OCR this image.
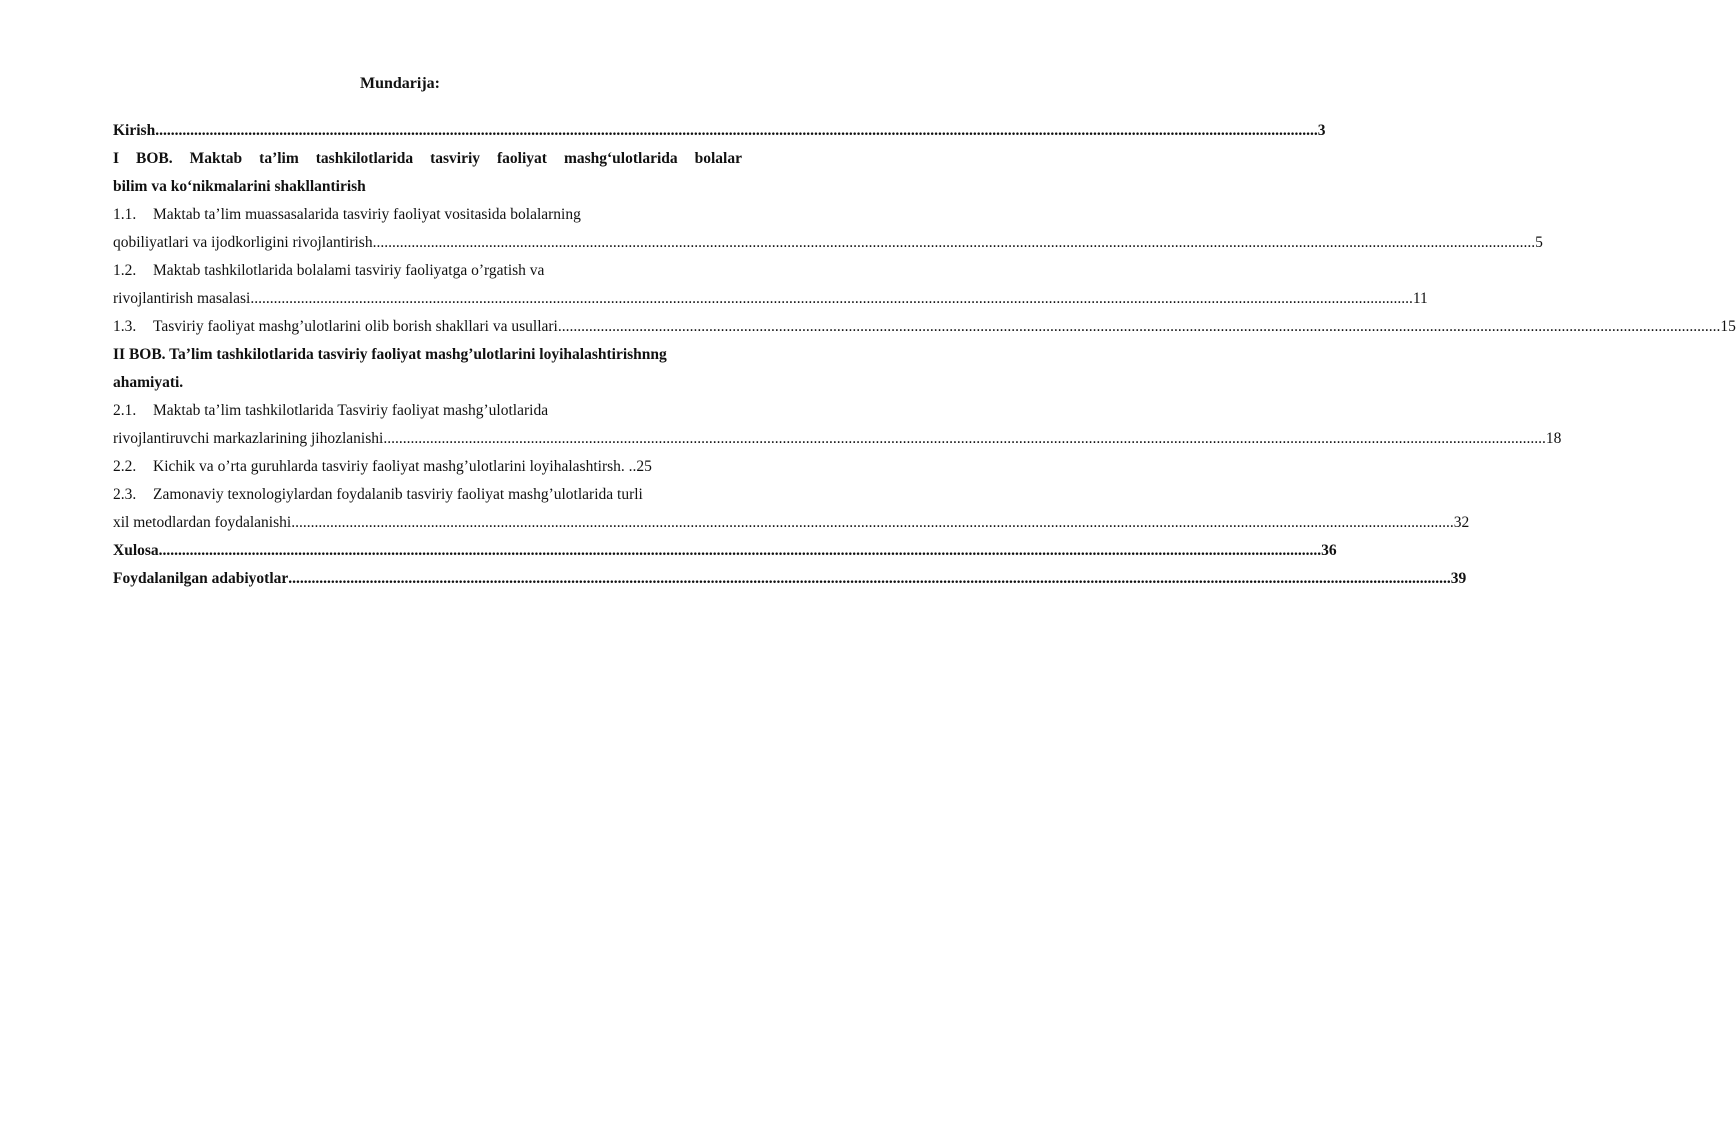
Mundarija:
Kirish .....	3
I BOB. Maktab ta’lim tashkilotlarida tasviriy faoliyat mashg‘ulotlarida bolalar
bilim va ko‘nikmalarini shakllantirish
1.1. Maktab ta’lim muassasalarida tasviriy faoliyat vositasida bolalarning
qobiliyatlari va ijodkorligini rivojlantirish .....	5
1.2. Maktab tashkilotlarida bolalami tasviriy faoliyatga o’rgatish va
rivojlantirish masalasi .....	11
1.3.	Tasviriy faoliyat mashg’ulotlarini olib borish shakllari va usullari .....	15
II BOB. Ta’lim tashkilotlarida tasviriy faoliyat mashg’ulotlarini loyihalashtirishnng
ahamiyati.
2.1. Maktab ta’lim tashkilotlarida Tasviriy faoliyat mashg’ulotlarida
rivojlantiruvchi markazlarining jihozlanishi .....	18
2.2. Kichik va o’rta guruhlarda tasviriy faoliyat mashg’ulotlarini loyihalashtirsh. ..25
2.3. Zamonaviy texnologiylardan foydalanib tasviriy faoliyat mashg’ulotlarida turli
xil metodlardan foydalanishi .....	32
Xulosa .....	36
Foydalanilgan adabiyotlar .....	39
